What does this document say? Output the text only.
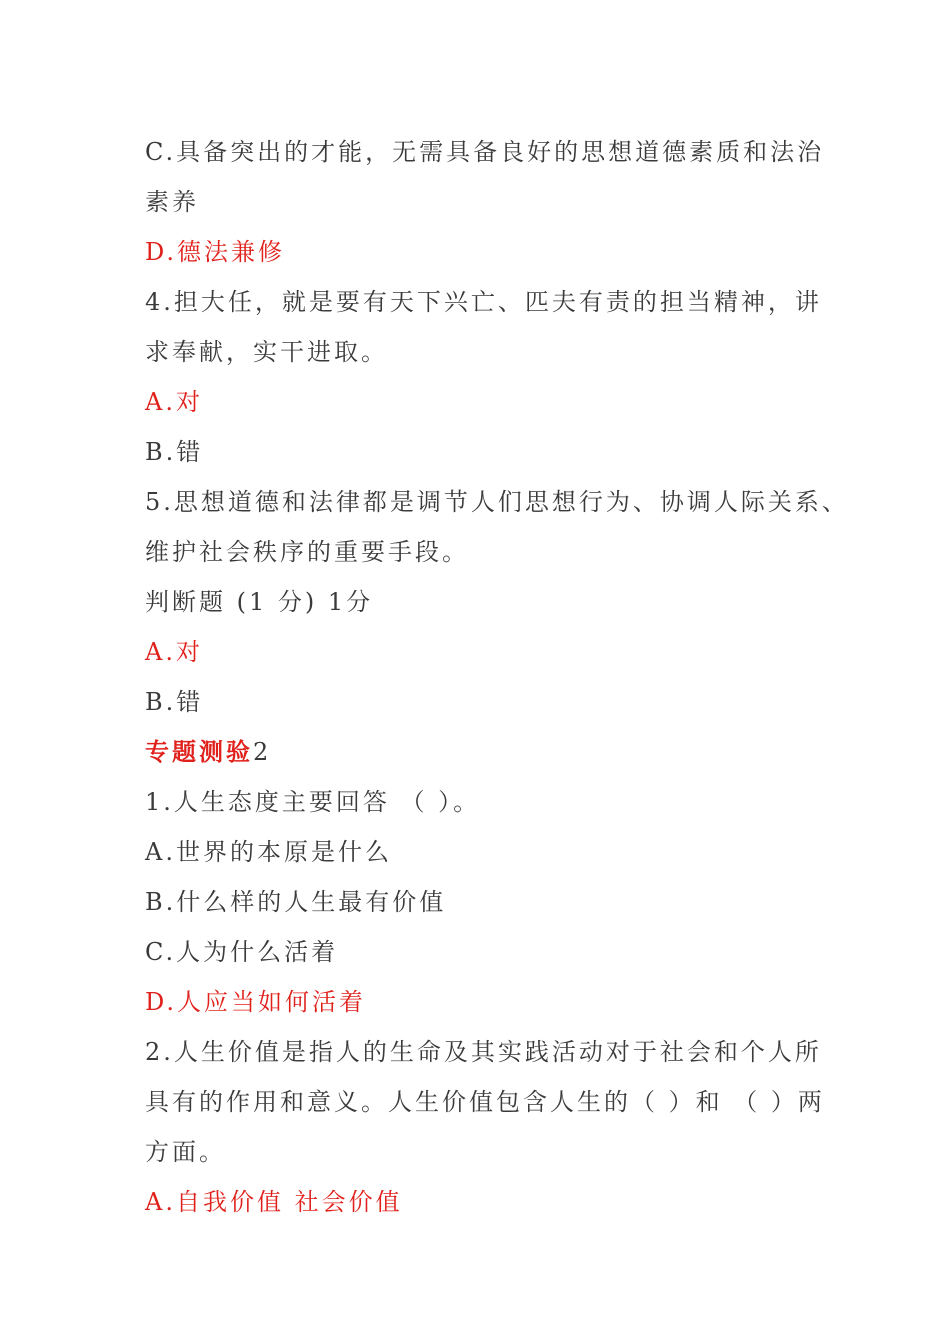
C.具备突出的才能，无需具备良好的思想道德素质和法治
素养
D.德法兼修
4.担大任，就是要有天下兴亡、匹夫有责的担当精神，讲
求奉献，实干进取。
A.对
B.错
5.思想道德和法律都是调节人们思想行为、协调人际关系、
维护社会秩序的重要手段。
判断题 (1 分) 1分
A.对
B.错
专题测验2
1.人生态度主要回答 （ ）。
A.世界的本原是什么
B.什么样的人生最有价值
C.人为什么活着
D.人应当如何活着
2.人生价值是指人的生命及其实践活动对于社会和个人所
具有的作用和意义。人生价值包含人生的（ ）和 （ ）两
方面。
A.自我价值 社会价值
